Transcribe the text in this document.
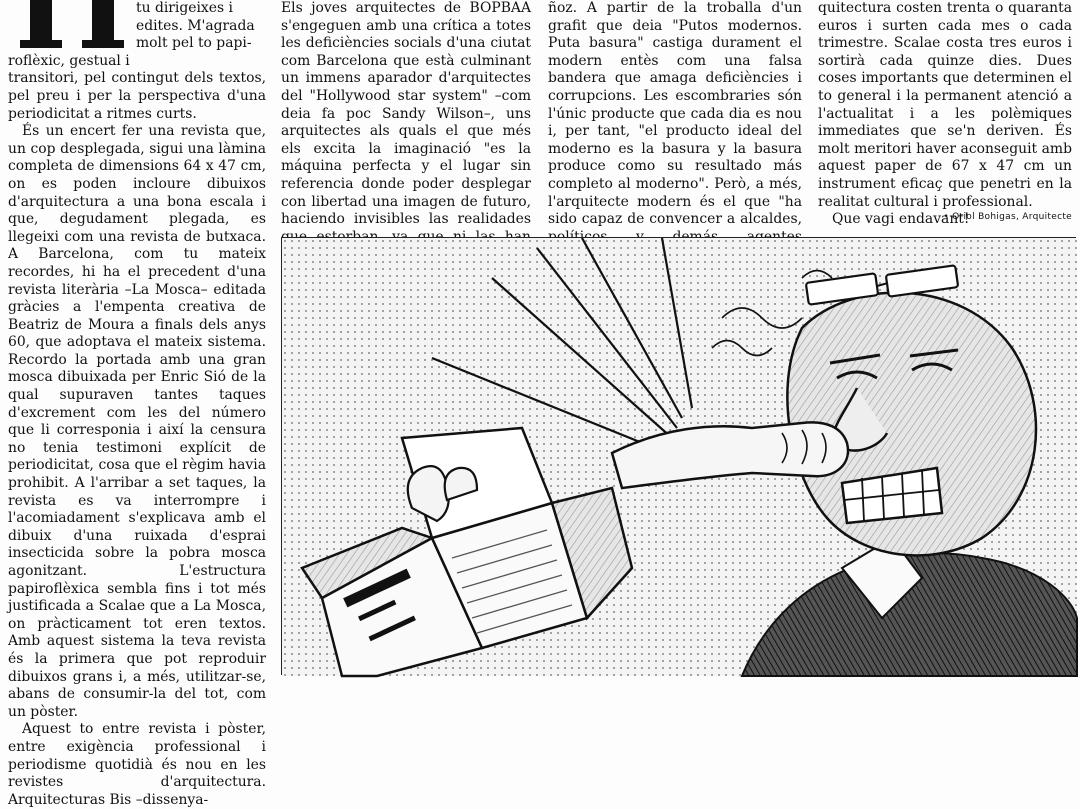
tu dirigeixes i
edites. M'agrada
molt pel to papi-
roflèxic, gestual i

transitori, pel contingut dels textos, pel preu i per la perspectiva d'una periodicitat a ritmes curts.

És un encert fer una revista que, un cop desplegada, sigui una làmina completa de dimensions 64 x 47 cm, on es poden incloure dibuixos d'arquitectura a una bona escala i que, degudament plegada, es llegeixi com una revista de butxaca. A Barcelona, com tu mateix recordes, hi ha el precedent d'una revista literària –La Mosca– editada gràcies a l'empenta creativa de Beatriz de Moura a finals dels anys 60, que adoptava el mateix sistema. Recordo la portada amb una gran mosca dibuixada per Enric Sió de la qual supuraven tantes taques d'excrement com les del número que li corresponia i així la censura no tenia testimoni explícit de periodicitat, cosa que el règim havia prohibit. A l'arribar a set taques, la revista es va interrompre i l'acomiadament s'explicava amb el dibuix d'una ruixada d'esprai insecticida sobre la pobra mosca agonitzant. L'estructura papiroflèxica sembla fins i tot més justificada a Scalae que a La Mosca, on pràcticament tot eren textos. Amb aquest sistema la teva revista és la primera que pot reproduir dibuixos grans i, a més, utilitzar-se, abans de consumir-la del tot, com un pòster.

Aquest to entre revista i pòster, entre exigència professional i periodisme quotidià és nou en les revistes d'arquitectura. Arquitecturas Bis –dissenya-

Els joves arquitectes de BOPBAA s'engeguen amb una crítica a totes les deficiències socials d'una ciutat com Barcelona que està culminant un immens aparador d'arquitectes del "Hollywood star system" –com deia fa poc Sandy Wilson–, uns arquitectes als quals el que més els excita la imaginació "es la máquina perfecta y el lugar sin referencia donde poder desplegar con libertad una imagen de futuro, haciendo invisibles las realidades

ñoz. A partir de la troballa d'un grafit que deia "Putos modernos. Puta basura" castiga durament el modern entès com una falsa bandera que amaga deficiències i corrupcions. Les escombraries són l'únic producte que cada dia es nou i, per tant, "el producto ideal del moderno es la basura y la basura produce como su resultado más completo al moderno". Però, a més, l'arquitecte modern és el que "ha sido capaz de convencer a alcaldes,

quitectura costen trenta o quaranta euros i surten cada mes o cada trimestre. Scalae costa tres euros i sortirà cada quinze dies. Dues coses importants que determinen el to general i la permanent atenció a l'actualitat i a les polèmiques immediates que se'n deriven. És molt meritori haver aconseguit amb aquest paper de 67 x 47 cm un instrument eficaç que penetri en la realitat cultural i professional.

Que vagi endavant!

• Oriol Bohigas, Arquitecte
